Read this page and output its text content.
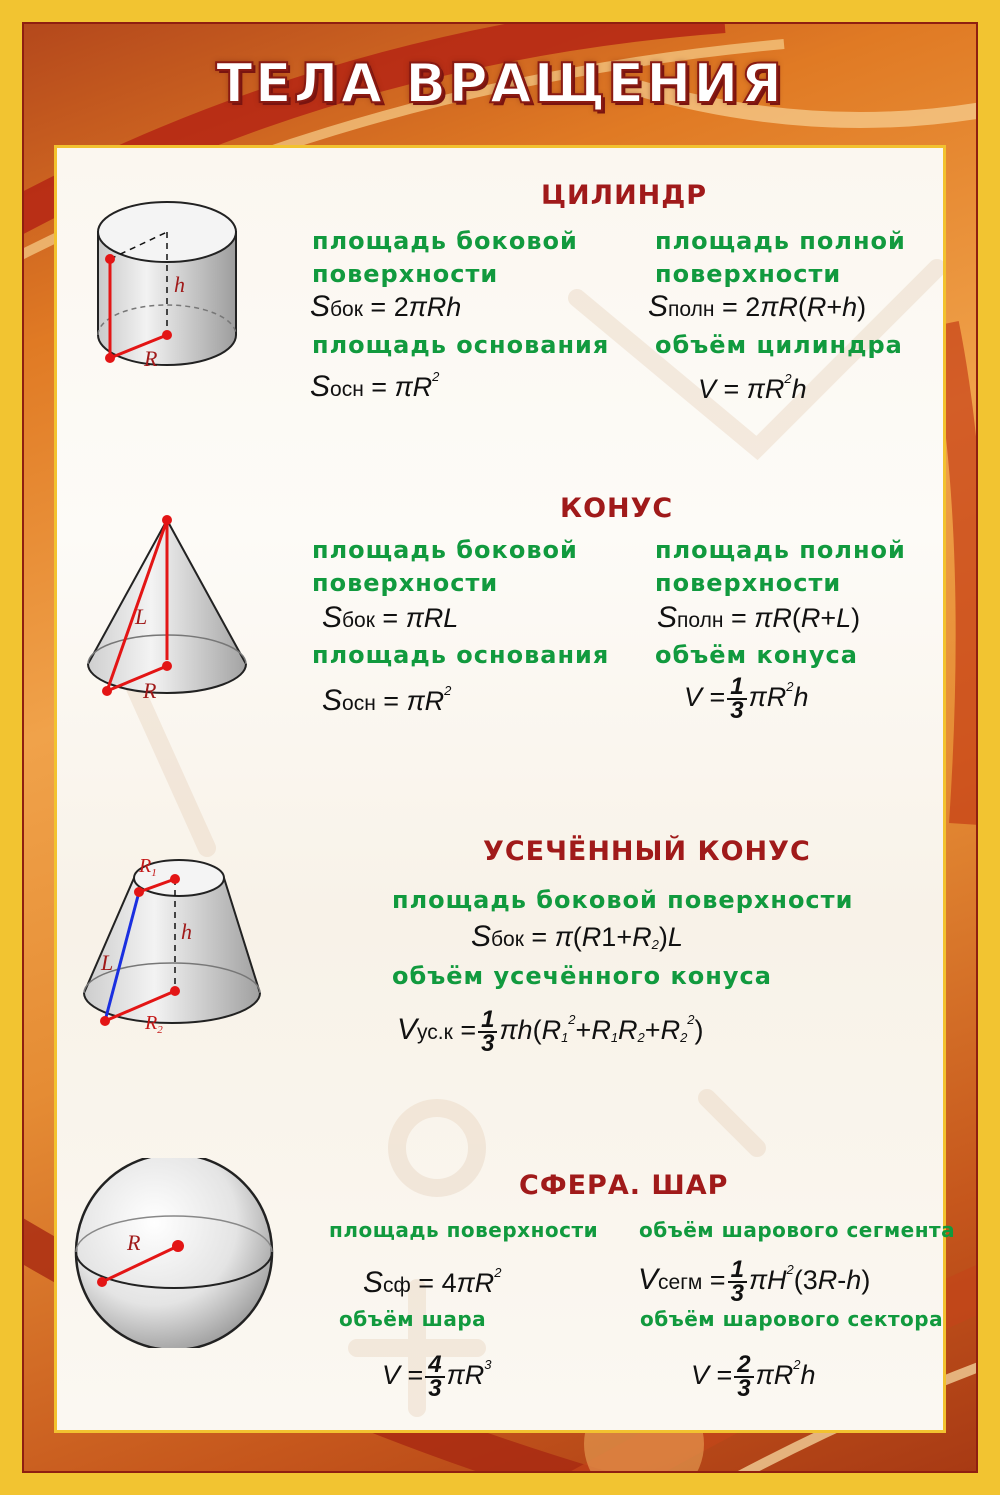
ТЕЛА ВРАЩЕНИЯ
h
R
ЦИЛИНДР
площадь боковой
поверхности
Sбок = 2πRh
площадь полной
поверхности
Sполн = 2πR(R+h)
площадь основания
Sосн = $\pi R^2$
объём цилиндра
$V = \pi R^2h$
L
R
КОНУС
площадь боковой
поверхности
Sбок = πRL
площадь полной
поверхности
Sполн = πR(R+L)
площадь основания
Sосн = $\pi R^2$
объём конуса
$V = \frac{1}{3} \pi R^2h$
$R_1$
h
L
$R_2$
УСЕЧЁННЫЙ КОНУС
площадь боковой поверхности
Sбок = $\pi(R1+R_2)L$
объём усечённого конуса
$Vус.к = \frac{1}{3} \pi h(R_1^2+R_1R_2+R_2^2)$
R
СФЕРА. ШАР
площадь поверхности
Sсф = $4\pi R^2$
объём шарового сегмента
Vсегм = $\frac{1}{3} \pi H^2(3R-h)$
объём шара
$V = \frac{4}{3} \pi R^3$
объём шарового сектора
$V = \frac{2}{3} \pi R^2h$
